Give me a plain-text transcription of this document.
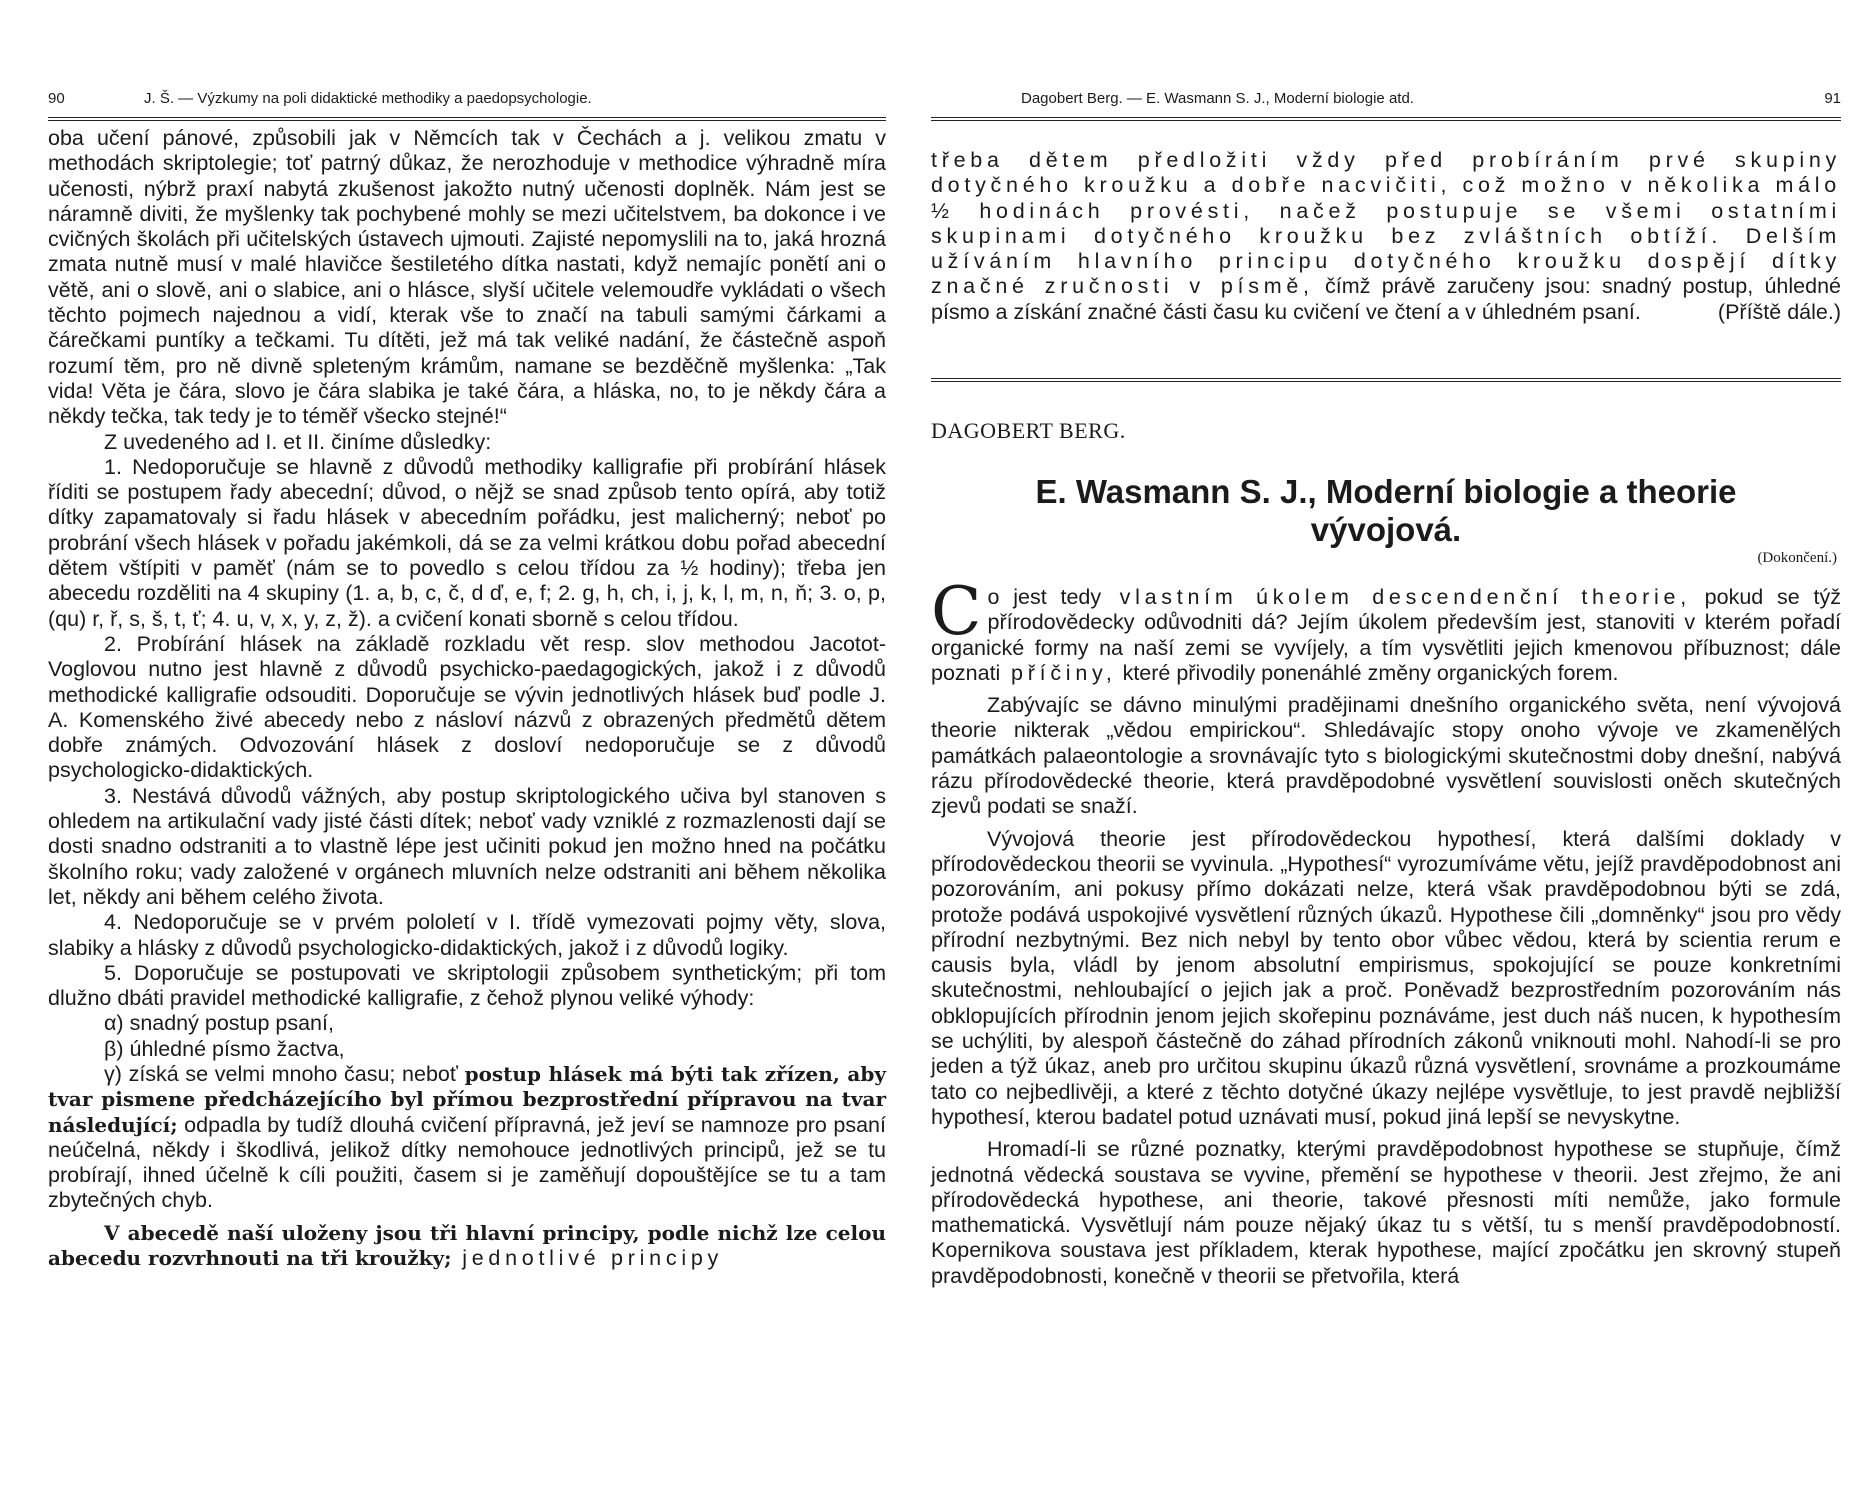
90	J. Š. — Výzkumy na poli didaktické methodiky a paedopsychologie.

oba učení pánové, způsobili jak v Němcích tak v Čechách a j. velikou zmatu v methodách skriptolegie; toť patrný důkaz, že nerozhoduje v methodice výhradně míra učenosti, nýbrž praxí nabytá zkušenost jakožto nutný učenosti doplněk. Nám jest se náramně diviti, že myšlenky tak pochybené mohly se mezi učitelstvem, ba dokonce i ve cvičných školách při učitelských ústavech ujmouti. Zajisté nepomyslili na to, jaká hrozná zmata nutně musí v malé hlavičce šestiletého dítka nastati, když nemajíc ponětí ani o větě, ani o slově, ani o slabice, ani o hlásce, slyší učitele velemoudře vykládati o všech těchto pojmech najednou a vidí, kterak vše to značí na tabuli samými čárkami a čárečkami puntíky a tečkami. Tu dítěti, jež má tak veliké nadání, že částečně aspoň rozumí těm, pro ně divně spleteným krámům, namane se bezděčně myšlenka: „Tak vida! Věta je čára, slovo je čára slabika je také čára, a hláska, no, to je někdy čára a někdy tečka, tak tedy je to téměř všecko stejné!“

Z uvedeného ad I. et II. činíme důsledky:

1. Nedoporučuje se hlavně z důvodů methodiky kalligrafie při probírání hlásek říditi se postupem řady abecední; důvod, o nějž se snad způsob tento opírá, aby totiž dítky zapamatovaly si řadu hlásek v abecedním pořádku, jest malicherný; neboť po probrání všech hlásek v pořadu jakémkoli, dá se za velmi krátkou dobu pořad abecední dětem vštípiti v paměť (nám se to povedlo s celou třídou za ½ hodiny); třeba jen abecedu rozděliti na 4 skupiny (1. a, b, c, č, d ď, e, f; 2. g, h, ch, i, j, k, l, m, n, ň; 3. o, p, (qu) r, ř, s, š, t, ť; 4. u, v, x, y, z, ž). a cvičení konati sborně s celou třídou.

2. Probírání hlásek na základě rozkladu vět resp. slov methodou Jacotot-Voglovou nutno jest hlavně z důvodů psychicko-paedagogických, jakož i z důvodů methodické kalligrafie odsouditi. Doporučuje se vývin jednotlivých hlásek buď podle J. A. Komenského živé abecedy nebo z násloví názvů z obrazených předmětů dětem dobře známých. Odvozování hlásek z dosloví nedoporučuje se z důvodů psychologicko-didaktických.

3. Nestává důvodů vážných, aby postup skriptologického učiva byl stanoven s ohledem na artikulační vady jisté části dítek; neboť vady vzniklé z rozmazlenosti dají se dosti snadno odstraniti a to vlastně lépe jest učiniti pokud jen možno hned na počátku školního roku; vady založené v orgánech mluvních nelze odstraniti ani během několika let, někdy ani během celého života.

4. Nedoporučuje se v prvém pololetí v I. třídě vymezovati pojmy věty, slova, slabiky a hlásky z důvodů psychologicko-didaktických, jakož i z důvodů logiky.

5. Doporučuje se postupovati ve skriptologii způsobem synthetickým; při tom dlužno dbáti pravidel methodické kalligrafie, z čehož plynou veliké výhody:

α) snadný postup psaní,

β) úhledné písmo žactva,

γ) získá se velmi mnoho času; neboť postup hlásek má býti tak zřízen, aby tvar pismene předcházejícího byl přímou bezprostřední přípravou na tvar následující; odpadla by tudíž dlouhá cvičení přípravná, jež jeví se namnoze pro psaní neúčelná, někdy i škodlivá, jelikož dítky nemohouce jednotlivých principů, jež se tu probírají, ihned účelně k cíli použiti, časem si je zaměňují dopouštějíce se tu a tam zbytečných chyb.

V abecedě naší uloženy jsou tři hlavní principy, podle nichž lze celou abecedu rozvrhnouti na tři kroužky; jednotlivé principy

Dagobert Berg. — E. Wasmann S. J., Moderní biologie atd.	91

třeba dětem předložiti vždy před probíráním prvé skupiny dotyčného kroužku a dobře nacvičiti, což možno v několika málo ½ hodinách provésti, načež postupuje se všemi ostatními skupinami dotyčného kroužku bez zvláštních obtíží. Delším užíváním hlavního principu dotyčného kroužku dospějí dítky značné zručnosti v písmě, čímž právě zaručeny jsou: snadný postup, úhledné písmo a získání značné části času ku cvičení ve čtení a v úhledném psaní.	(Příště dále.)

DAGOBERT BERG.
E. Wasmann S. J., Moderní biologie a theorie
vývojová.
(Dokončení.)

Co jest tedy vlastním úkolem descendenční theorie, pokud se týž přírodovědecky odůvodniti dá? Jejím úkolem především jest, stanoviti v kterém pořadí organické formy na naší zemi se vyvíjely, a tím vysvětliti jejich kmenovou příbuznost; dále poznati příčiny, které přivodily ponenáhlé změny organických forem.

Zabývajíc se dávno minulými pradějinami dnešního organického světa, není vývojová theorie nikterak „vědou empirickou“. Shledávajíc stopy onoho vývoje ve zkamenělých památkách palaeontologie a srovnávajíc tyto s biologickými skutečnostmi doby dnešní, nabývá rázu přírodovědecké theorie, která pravděpodobné vysvětlení souvislosti oněch skutečných zjevů podati se snaží.

Vývojová theorie jest přírodovědeckou hypothesí, která dalšími doklady v přírodovědeckou theorii se vyvinula. „Hypothesí“ vyrozumíváme větu, jejíž pravděpodobnost ani pozorováním, ani pokusy přímo dokázati nelze, která však pravděpodobnou býti se zdá, protože podává uspokojivé vysvětlení různých úkazů. Hypothese čili „domněnky“ jsou pro vědy přírodní nezbytnými. Bez nich nebyl by tento obor vůbec vědou, která by scientia rerum e causis byla, vládl by jenom absolutní empirismus, spokojující se pouze konkretními skutečnostmi, nehloubající o jejich jak a proč. Poněvadž bezprostředním pozorováním nás obklopujících přírodnin jenom jejich skořepinu poznáváme, jest duch náš nucen, k hypothesím se uchýliti, by alespoň částečně do záhad přírodních zákonů vniknouti mohl. Nahodí-li se pro jeden a týž úkaz, aneb pro určitou skupinu úkazů různá vysvětlení, srovnáme a prozkoumáme tato co nejbedlivěji, a které z těchto dotyčné úkazy nejlépe vysvětluje, to jest pravdě nejbližší hypothesí, kterou badatel potud uznávati musí, pokud jiná lepší se nevyskytne.

Hromadí-li se různé poznatky, kterými pravděpodobnost hypothese se stupňuje, čímž jednotná vědecká soustava se vyvine, přemění se hypothese v theorii. Jest zřejmo, že ani přírodovědecká hypothese, ani theorie, takové přesnosti míti nemůže, jako formule mathematická. Vysvětlují nám pouze nějaký úkaz tu s větší, tu s menší pravděpodobností. Kopernikova soustava jest příkladem, kterak hypothese, mající zpočátku jen skrovný stupeň pravděpodobnosti, konečně v theorii se přetvořila, která
